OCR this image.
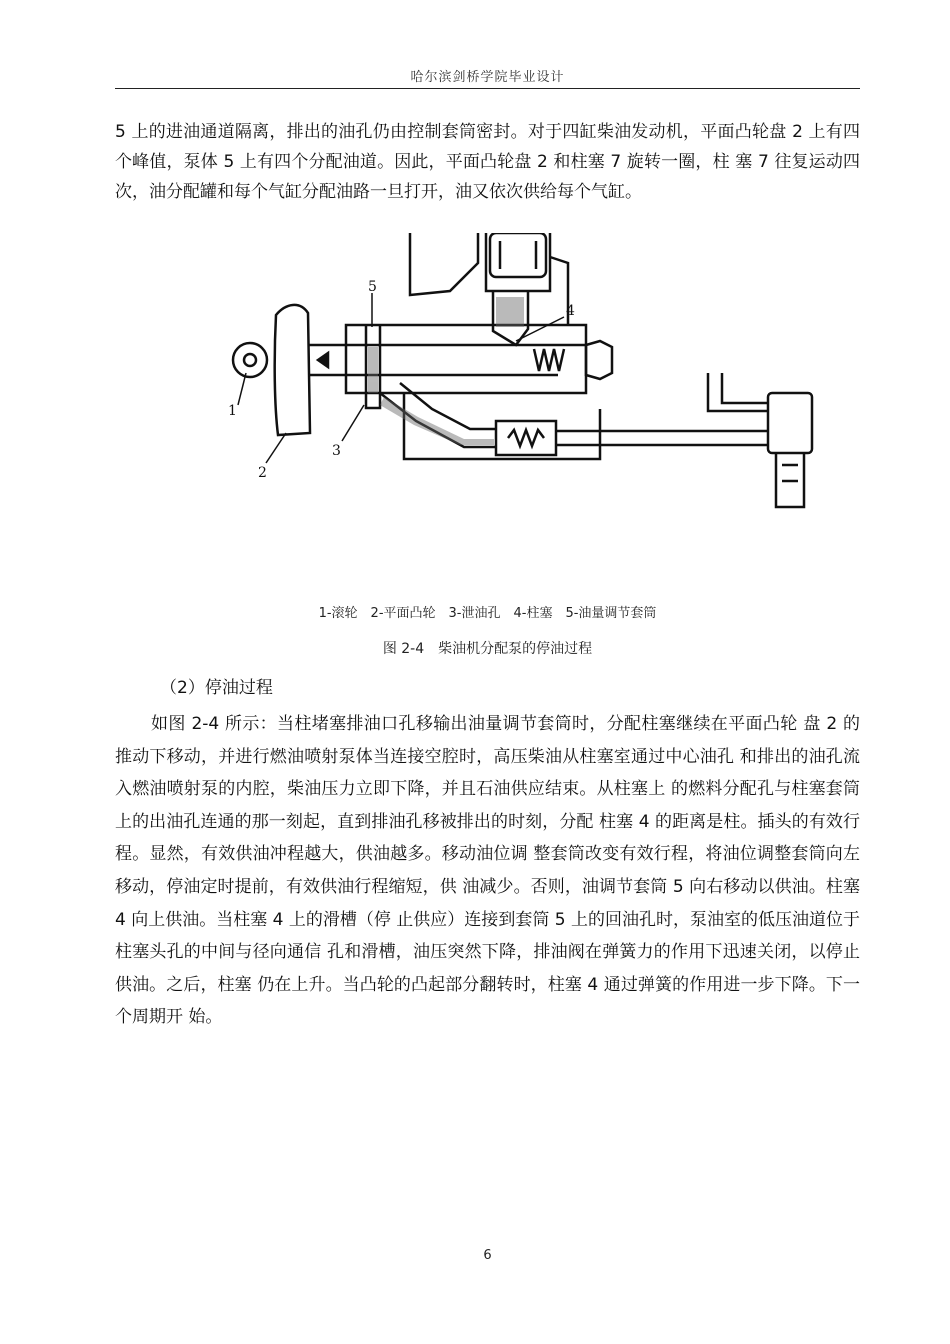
哈尔滨剑桥学院毕业设计

5 上的进油通道隔离，排出的油孔仍由控制套筒密封。对于四缸柴油发动机，平面凸轮盘 2 上有四个峰值，泵体 5 上有四个分配油道。因此，平面凸轮盘 2 和柱塞 7 旋转一圈，柱 塞 7 往复运动四次，油分配罐和每个气缸分配油路一旦打开，油又依次供给每个气缸。

1
2
3
4
5
1-滚轮　2-平面凸轮　3-泄油孔　4-柱塞　5-油量调节套筒
图 2-4　柴油机分配泵的停油过程

（2）停油过程

如图 2-4 所示：当柱堵塞排油口孔移输出油量调节套筒时，分配柱塞继续在平面凸轮 盘 2 的推动下移动，并进行燃油喷射泵体当连接空腔时，高压柴油从柱塞室通过中心油孔 和排出的油孔流入燃油喷射泵的内腔，柴油压力立即下降，并且石油供应结束。从柱塞上 的燃料分配孔与柱塞套筒上的出油孔连通的那一刻起，直到排油孔移被排出的时刻，分配 柱塞 4 的距离是柱。插头的有效行程。显然，有效供油冲程越大，供油越多。移动油位调 整套筒改变有效行程，将油位调整套筒向左移动，停油定时提前，有效供油行程缩短，供 油减少。否则，油调节套筒 5 向右移动以供油。柱塞 4 向上供油。当柱塞 4 上的滑槽（停 止供应）连接到套筒 5 上的回油孔时，泵油室的低压油道位于柱塞头孔的中间与径向通信 孔和滑槽，油压突然下降，排油阀在弹簧力的作用下迅速关闭，以停止供油。之后，柱塞 仍在上升。当凸轮的凸起部分翻转时，柱塞 4 通过弹簧的作用进一步下降。下一个周期开 始。

6
